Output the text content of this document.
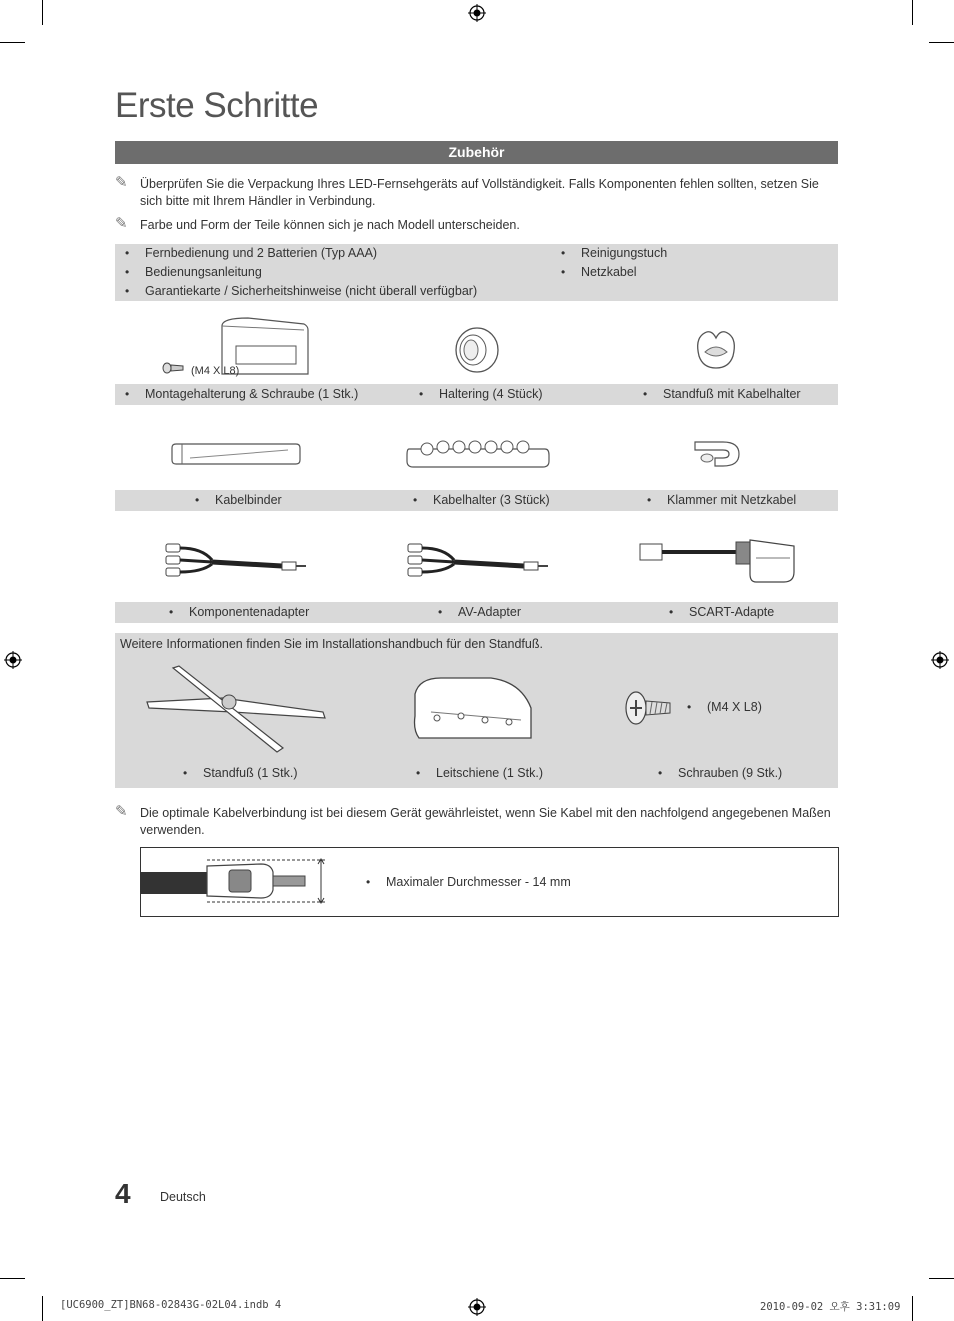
Erste Schritte
Zubehör
✎ Überprüfen Sie die Verpackung Ihres LED-Fernsehgeräts auf Vollständigkeit. Falls Komponenten fehlen sollten, setzen Sie sich bitte mit Ihrem Händler in Verbindung.
✎ Farbe und Form der Teile können sich je nach Modell unterscheiden.
• Fernbedienung und 2 Batterien (Typ AAA)
• Bedienungsanleitung
• Garantiekarte / Sicherheitshinweise (nicht überall verfügbar)
• Reinigungstuch
• Netzkabel
(M4 X L8)
• Montagehalterung & Schraube (1 Stk.)	• Haltering (4 Stück)	• Standfuß mit Kabelhalter
• Kabelbinder	• Kabelhalter (3 Stück)	• Klammer mit Netzkabel
• Komponentenadapter	• AV-Adapter	• SCART-Adapte
Weitere Informationen finden Sie im Installationshandbuch für den Standfuß.
• (M4 X L8)
• Standfuß (1 Stk.)	• Leitschiene (1 Stk.)	• Schrauben (9 Stk.)
✎ Die optimale Kabelverbindung ist bei diesem Gerät gewährleistet, wenn Sie Kabel mit den nachfolgend angegebenen Maßen verwenden.
• Maximaler Durchmesser - 14 mm
4 Deutsch
[UC6900_ZT]BN68-02843G-02L04.indb 4	2010-09-02 오후 3:31:09
